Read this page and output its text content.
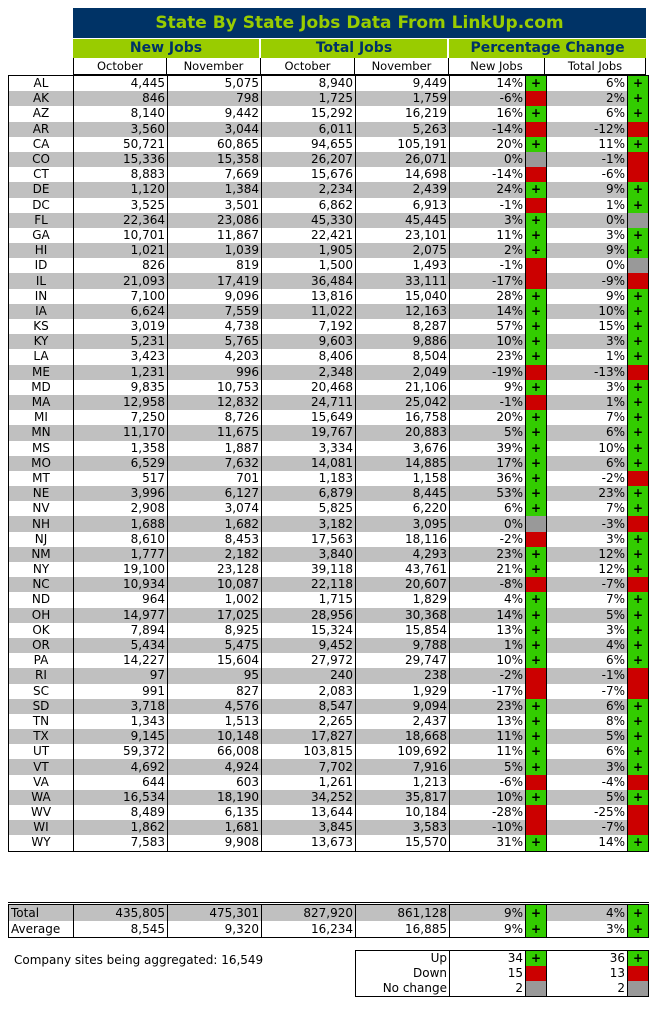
State By State Jobs Data From LinkUp.com
New Jobs	Total Jobs	Percentage Change
October	November	October	November	New Jobs	Total Jobs
AL	4,445	5,075	8,940	9,449	14%	+	6%	+
AK	846	798	1,725	1,759	-6%	-	2%	+
AZ	8,140	9,442	15,292	16,219	16%	+	6%	+
AR	3,560	3,044	6,011	5,263	-14%	-	-12%	-
CA	50,721	60,865	94,655	105,191	20%	+	11%	+
CO	15,336	15,358	26,207	26,071	0%		-1%	-
CT	8,883	7,669	15,676	14,698	-14%	-	-6%	-
DE	1,120	1,384	2,234	2,439	24%	+	9%	+
DC	3,525	3,501	6,862	6,913	-1%	-	1%	+
FL	22,364	23,086	45,330	45,445	3%	+	0%	
GA	10,701	11,867	22,421	23,101	11%	+	3%	+
HI	1,021	1,039	1,905	2,075	2%	+	9%	+
ID	826	819	1,500	1,493	-1%	-	0%	
IL	21,093	17,419	36,484	33,111	-17%	-	-9%	-
IN	7,100	9,096	13,816	15,040	28%	+	9%	+
IA	6,624	7,559	11,022	12,163	14%	+	10%	+
KS	3,019	4,738	7,192	8,287	57%	+	15%	+
KY	5,231	5,765	9,603	9,886	10%	+	3%	+
LA	3,423	4,203	8,406	8,504	23%	+	1%	+
ME	1,231	996	2,348	2,049	-19%	-	-13%	-
MD	9,835	10,753	20,468	21,106	9%	+	3%	+
MA	12,958	12,832	24,711	25,042	-1%	-	1%	+
MI	7,250	8,726	15,649	16,758	20%	+	7%	+
MN	11,170	11,675	19,767	20,883	5%	+	6%	+
MS	1,358	1,887	3,334	3,676	39%	+	10%	+
MO	6,529	7,632	14,081	14,885	17%	+	6%	+
MT	517	701	1,183	1,158	36%	+	-2%	-
NE	3,996	6,127	6,879	8,445	53%	+	23%	+
NV	2,908	3,074	5,825	6,220	6%	+	7%	+
NH	1,688	1,682	3,182	3,095	0%		-3%	-
NJ	8,610	8,453	17,563	18,116	-2%	-	3%	+
NM	1,777	2,182	3,840	4,293	23%	+	12%	+
NY	19,100	23,128	39,118	43,761	21%	+	12%	+
NC	10,934	10,087	22,118	20,607	-8%	-	-7%	-
ND	964	1,002	1,715	1,829	4%	+	7%	+
OH	14,977	17,025	28,956	30,368	14%	+	5%	+
OK	7,894	8,925	15,324	15,854	13%	+	3%	+
OR	5,434	5,475	9,452	9,788	1%	+	4%	+
PA	14,227	15,604	27,972	29,747	10%	+	6%	+
RI	97	95	240	238	-2%	-	-1%	-
SC	991	827	2,083	1,929	-17%	-	-7%	-
SD	3,718	4,576	8,547	9,094	23%	+	6%	+
TN	1,343	1,513	2,265	2,437	13%	+	8%	+
TX	9,145	10,148	17,827	18,668	11%	+	5%	+
UT	59,372	66,008	103,815	109,692	11%	+	6%	+
VT	4,692	4,924	7,702	7,916	5%	+	3%	+
VA	644	603	1,261	1,213	-6%	-	-4%	-
WA	16,534	18,190	34,252	35,817	10%	+	5%	+
WV	8,489	6,135	13,644	10,184	-28%	-	-25%	-
WI	1,862	1,681	3,845	3,583	-10%	-	-7%	-
WY	7,583	9,908	13,673	15,570	31%	+	14%	+
Total	435,805	475,301	827,920	861,128	9%	+	4%	+
Average	8,545	9,320	16,234	16,885	9%	+	3%	+
Company sites being aggregated: 16,549	Up	34	+	36	+
Down	15	-	13	-
No change	2		2	
